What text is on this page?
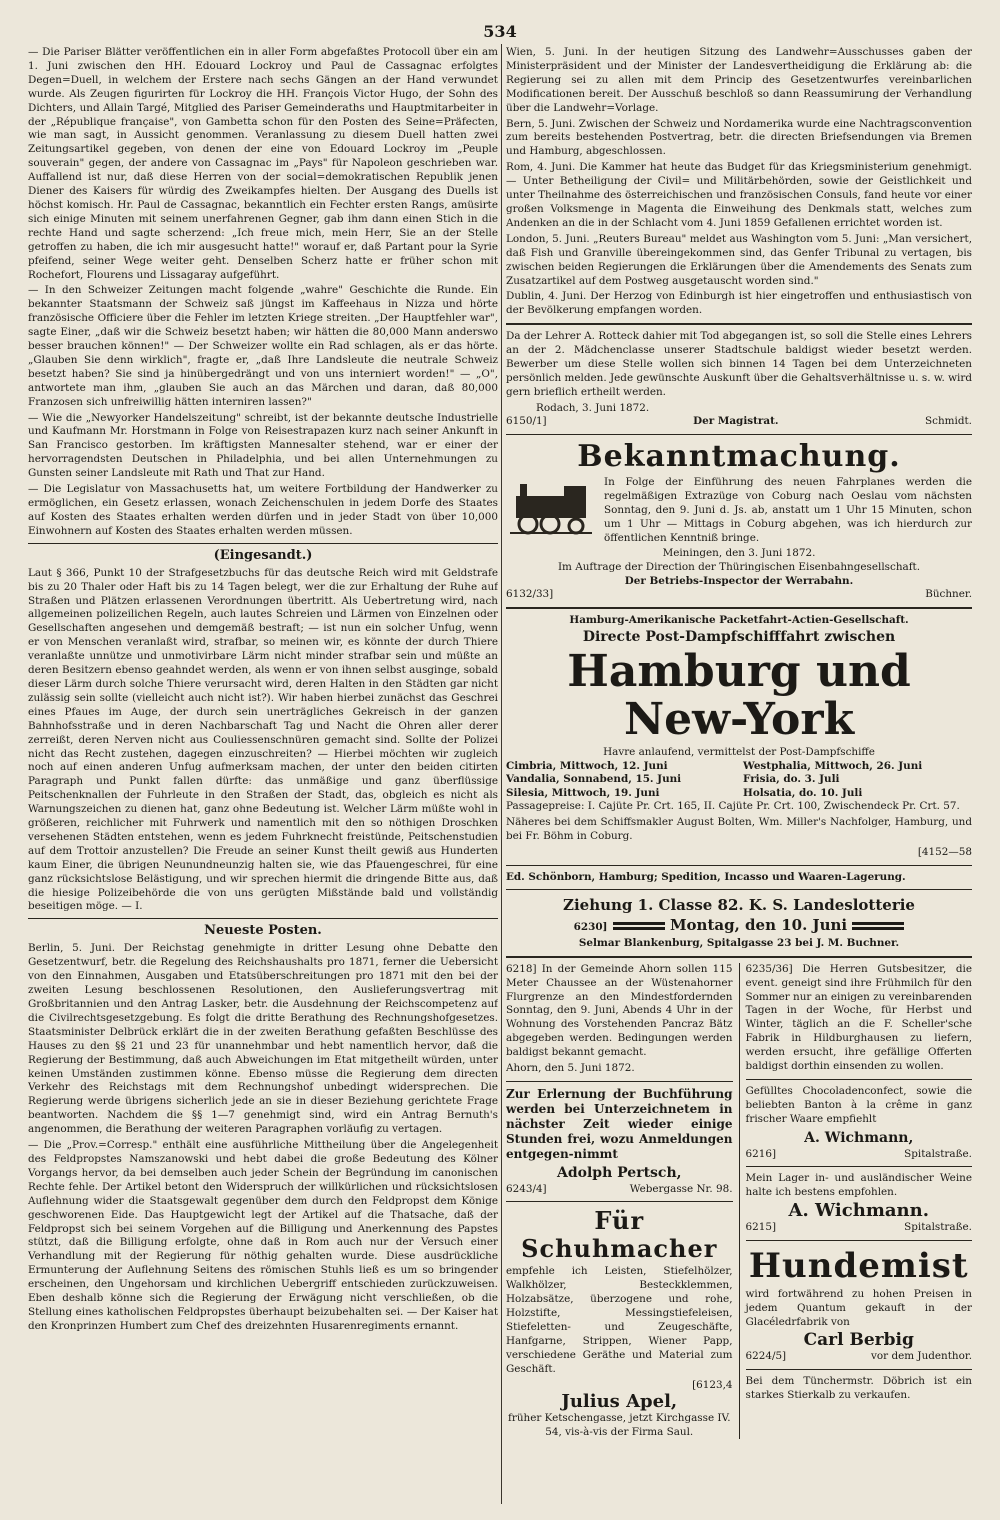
534

— Die Pariser Blätter veröffentlichen ein in aller Form abgefaßtes Protocoll über ein am 1. Juni zwischen den HH. Edouard Lockroy und Paul de Cassagnac erfolgtes Degen=Duell, in welchem der Erstere nach sechs Gängen an der Hand verwundet wurde. Als Zeugen figurirten für Lockroy die HH. François Victor Hugo, der Sohn des Dichters, und Allain Targé, Mitglied des Pariser Gemeinderaths und Hauptmitarbeiter in der „République française", von Gambetta schon für den Posten des Seine=Präfecten, wie man sagt, in Aussicht genommen. Veranlassung zu diesem Duell hatten zwei Zeitungsartikel gegeben, von denen der eine von Edouard Lockroy im „Peuple souverain" gegen, der andere von Cassagnac im „Pays" für Napoleon geschrieben war. Auffallend ist nur, daß diese Herren von der social=demokratischen Republik jenen Diener des Kaisers für würdig des Zweikampfes hielten. Der Ausgang des Duells ist höchst komisch. Hr. Paul de Cassagnac, bekanntlich ein Fechter ersten Rangs, amüsirte sich einige Minuten mit seinem unerfahrenen Gegner, gab ihm dann einen Stich in die rechte Hand und sagte scherzend: „Ich freue mich, mein Herr, Sie an der Stelle getroffen zu haben, die ich mir ausgesucht hatte!" worauf er, daß Partant pour la Syrie pfeifend, seiner Wege weiter geht. Denselben Scherz hatte er früher schon mit Rochefort, Flourens und Lissagaray aufgeführt.

— In den Schweizer Zeitungen macht folgende „wahre" Geschichte die Runde. Ein bekannter Staatsmann der Schweiz saß jüngst im Kaffeehaus in Nizza und hörte französische Officiere über die Fehler im letzten Kriege streiten. „Der Hauptfehler war", sagte Einer, „daß wir die Schweiz besetzt haben; wir hätten die 80,000 Mann anderswo besser brauchen können!" — Der Schweizer wollte ein Rad schlagen, als er das hörte. „Glauben Sie denn wirklich", fragte er, „daß Ihre Landsleute die neutrale Schweiz besetzt haben? Sie sind ja hinübergedrängt und von uns interniert worden!" — „O", antwortete man ihm, „glauben Sie auch an das Märchen und daran, daß 80,000 Franzosen sich unfreiwillig hätten interniren lassen?"

— Wie die „Newyorker Handelszeitung" schreibt, ist der bekannte deutsche Industrielle und Kaufmann Mr. Horstmann in Folge von Reisestrapazen kurz nach seiner Ankunft in San Francisco gestorben. Im kräftigsten Mannesalter stehend, war er einer der hervorragendsten Deutschen in Philadelphia, und bei allen Unternehmungen zu Gunsten seiner Landsleute mit Rath und That zur Hand.

— Die Legislatur von Massachusetts hat, um weitere Fortbildung der Handwerker zu ermöglichen, ein Gesetz erlassen, wonach Zeichenschulen in jedem Dorfe des Staates auf Kosten des Staates erhalten werden dürfen und in jeder Stadt von über 10,000 Einwohnern auf Kosten des Staates erhalten werden müssen.

(Eingesandt.)

Laut § 366, Punkt 10 der Strafgesetzbuchs für das deutsche Reich wird mit Geldstrafe bis zu 20 Thaler oder Haft bis zu 14 Tagen belegt, wer die zur Erhaltung der Ruhe auf Straßen und Plätzen erlassenen Verordnungen übertritt. Als Uebertretung wird, nach allgemeinen polizeilichen Regeln, auch lautes Schreien und Lärmen von Einzelnen oder Gesellschaften angesehen und demgemäß bestraft; — ist nun ein solcher Unfug, wenn er von Menschen veranlaßt wird, strafbar, so meinen wir, es könnte der durch Thiere veranlaßte unnütze und unmotivirbare Lärm nicht minder strafbar sein und müßte an deren Besitzern ebenso geahndet werden, als wenn er von ihnen selbst ausginge, sobald dieser Lärm durch solche Thiere verursacht wird, deren Halten in den Städten gar nicht zulässig sein sollte (vielleicht auch nicht ist?). Wir haben hierbei zunächst das Geschrei eines Pfaues im Auge, der durch sein unerträgliches Gekreisch in der ganzen Bahnhofsstraße und in deren Nachbarschaft Tag und Nacht die Ohren aller derer zerreißt, deren Nerven nicht aus Couliessenschnüren gemacht sind. Sollte der Polizei nicht das Recht zustehen, dagegen einzuschreiten? — Hierbei möchten wir zugleich noch auf einen anderen Unfug aufmerksam machen, der unter den beiden citirten Paragraph und Punkt fallen dürfte: das unmäßige und ganz überflüssige Peitschenknallen der Fuhrleute in den Straßen der Stadt, das, obgleich es nicht als Warnungszeichen zu dienen hat, ganz ohne Bedeutung ist. Welcher Lärm müßte wohl in größeren, reichlicher mit Fuhrwerk und namentlich mit den so nöthigen Droschken versehenen Städten entstehen, wenn es jedem Fuhrknecht freistünde, Peitschenstudien auf dem Trottoir anzustellen? Die Freude an seiner Kunst theilt gewiß aus Hunderten kaum Einer, die übrigen Neunundneunzig halten sie, wie das Pfauengeschrei, für eine ganz rücksichtslose Belästigung, und wir sprechen hiermit die dringende Bitte aus, daß die hiesige Polizeibehörde die von uns gerügten Mißstände bald und vollständig beseitigen möge. — I.

Neueste Posten.

Berlin, 5. Juni. Der Reichstag genehmigte in dritter Lesung ohne Debatte den Gesetzentwurf, betr. die Regelung des Reichshaushalts pro 1871, ferner die Uebersicht von den Einnahmen, Ausgaben und Etatsüberschreitungen pro 1871 mit den bei der zweiten Lesung beschlossenen Resolutionen, den Auslieferungsvertrag mit Großbritannien und den Antrag Lasker, betr. die Ausdehnung der Reichscompetenz auf die Civilrechtsgesetzgebung. Es folgt die dritte Berathung des Rechnungshofgesetzes. Staatsminister Delbrück erklärt die in der zweiten Berathung gefaßten Beschlüsse des Hauses zu den §§ 21 und 23 für unannehmbar und hebt namentlich hervor, daß die Regierung der Bestimmung, daß auch Abweichungen im Etat mitgetheilt würden, unter keinen Umständen zustimmen könne. Ebenso müsse die Regierung dem directen Verkehr des Reichstags mit dem Rechnungshof unbedingt widersprechen. Die Regierung werde übrigens sicherlich jede an sie in dieser Beziehung gerichtete Frage beantworten. Nachdem die §§ 1—7 genehmigt sind, wird ein Antrag Bernuth's angenommen, die Berathung der weiteren Paragraphen vorläufig zu vertagen.

— Die „Prov.=Corresp." enthält eine ausführliche Mittheilung über die Angelegenheit des Feldpropstes Namszanowski und hebt dabei die große Bedeutung des Kölner Vorgangs hervor, da bei demselben auch jeder Schein der Begründung im canonischen Rechte fehle. Der Artikel betont den Widerspruch der willkürlichen und rücksichtslosen Auflehnung wider die Staatsgewalt gegenüber dem durch den Feldpropst dem Könige geschworenen Eide. Das Hauptgewicht legt der Artikel auf die Thatsache, daß der Feldpropst sich bei seinem Vorgehen auf die Billigung und Anerkennung des Papstes stützt, daß die Billigung erfolgte, ohne daß in Rom auch nur der Versuch einer Verhandlung mit der Regierung für nöthig gehalten wurde. Diese ausdrückliche Ermunterung der Auflehnung Seitens des römischen Stuhls ließ es um so bringender erscheinen, den Ungehorsam und kirchlichen Uebergriff entschieden zurückzuweisen. Eben deshalb könne sich die Regierung der Erwägung nicht verschließen, ob die Stellung eines katholischen Feldpropstes überhaupt beizubehalten sei. — Der Kaiser hat den Kronprinzen Humbert zum Chef des dreizehnten Husarenregiments ernannt.

Wien, 5. Juni. In der heutigen Sitzung des Landwehr=Ausschusses gaben der Ministerpräsident und der Minister der Landesvertheidigung die Erklärung ab: die Regierung sei zu allen mit dem Princip des Gesetzentwurfes vereinbarlichen Modificationen bereit. Der Ausschuß beschloß so dann Reassumirung der Verhandlung über die Landwehr=Vorlage.

Bern, 5. Juni. Zwischen der Schweiz und Nordamerika wurde eine Nachtragsconvention zum bereits bestehenden Postvertrag, betr. die directen Briefsendungen via Bremen und Hamburg, abgeschlossen.

Rom, 4. Juni. Die Kammer hat heute das Budget für das Kriegsministerium genehmigt. — Unter Betheiligung der Civil= und Militärbehörden, sowie der Geistlichkeit und unter Theilnahme des österreichischen und französischen Consuls, fand heute vor einer großen Volksmenge in Magenta die Einweihung des Denkmals statt, welches zum Andenken an die in der Schlacht vom 4. Juni 1859 Gefallenen errichtet worden ist.

London, 5. Juni. „Reuters Bureau" meldet aus Washington vom 5. Juni: „Man versichert, daß Fish und Granville übereingekommen sind, das Genfer Tribunal zu vertagen, bis zwischen beiden Regierungen die Erklärungen über die Amendements des Senats zum Zusatzartikel auf dem Postweg ausgetauscht worden sind."

Dublin, 4. Juni. Der Herzog von Edinburgh ist hier eingetroffen und enthusiastisch von der Bevölkerung empfangen worden.

Da der Lehrer A. Rotteck dahier mit Tod abgegangen ist, so soll die Stelle eines Lehrers an der 2. Mädchenclasse unserer Stadtschule baldigst wieder besetzt werden. Bewerber um diese Stelle wollen sich binnen 14 Tagen bei dem Unterzeichneten persönlich melden. Jede gewünschte Auskunft über die Gehaltsverhältnisse u. s. w. wird gern brieflich ertheilt werden.

Rodach, 3. Juni 1872.
6150/1]	Der Magistrat.	Schmidt.
Bekanntmachung.

In Folge der Einführung des neuen Fahrplanes werden die regelmäßigen Extrazüge von Coburg nach Oeslau vom nächsten Sonntag, den 9. Juni d. Js. ab, anstatt um 1 Uhr 15 Minuten, schon um 1 Uhr — Mittags in Coburg abgehen, was ich hierdurch zur öffentlichen Kenntniß bringe.

Meiningen, den 3. Juni 1872.
Im Auftrage der Direction der Thüringischen Eisenbahngesellschaft.
Der Betriebs-Inspector der Werrabahn.
6132/33]	Büchner.
Hamburg-Amerikanische Packetfahrt-Actien-Gesellschaft.
Directe Post-Dampfschifffahrt zwischen
Hamburg und New-York
Havre anlaufend, vermittelst der Post-Dampfschiffe
Cimbria, Mittwoch, 12. Juni	Westphalia, Mittwoch, 26. Juni
Vandalia, Sonnabend, 15. Juni	Frisia, do. 3. Juli
Silesia, Mittwoch, 19. Juni	Holsatia, do. 10. Juli

Passagepreise: I. Cajüte Pr. Crt. 165, II. Cajüte Pr. Crt. 100, Zwischendeck Pr. Crt. 57.

Näheres bei dem Schiffsmakler August Bolten, Wm. Miller's Nachfolger, Hamburg, und bei Fr. Böhm in Coburg.

[4152—58
Ed. Schönborn, Hamburg; Spedition, Incasso und Waaren-Lagerung.
Ziehung 1. Classe 82. K. S. Landeslotterie
6230]	Montag, den 10. Juni
Selmar Blankenburg, Spitalgasse 23 bei J. M. Buchner.

6218] In der Gemeinde Ahorn sollen 115 Meter Chaussee an der Wüstenahorner Flurgrenze an den Mindestfordernden Sonntag, den 9. Juni, Abends 4 Uhr in der Wohnung des Vorstehenden Pancraz Bätz abgegeben werden. Bedingungen werden baldigst bekannt gemacht.

Ahorn, den 5. Juni 1872.

Zur Erlernung der Buchführung werden bei Unterzeichnetem in nächster Zeit wieder einige Stunden frei, wozu Anmeldungen entgegen-nimmt

Adolph Pertsch,
6243/4]	Webergasse Nr. 98.
Für Schuhmacher

empfehle ich Leisten, Stiefelhölzer, Walkhölzer, Besteckklemmen, Holzabsätze, überzogene und rohe, Holzstifte, Messingstiefeleisen, Stiefeletten- und Zeugeschäfte, Hanfgarne, Strippen, Wiener Papp, verschiedene Geräthe und Material zum Geschäft.

[6123,4
Julius Apel,
früher Ketschengasse, jetzt Kirchgasse IV. 54, vis-à-vis der Firma Saul.

6235/36] Die Herren Gutsbesitzer, die event. geneigt sind ihre Frühmilch für den Sommer nur an einigen zu vereinbarenden Tagen in der Woche, für Herbst und Winter, täglich an die F. Scheller'sche Fabrik in Hildburghausen zu liefern, werden ersucht, ihre gefällige Offerten baldigst dorthin einsenden zu wollen.

Gefülltes Chocoladenconfect, sowie die beliebten Banton à la crême in ganz frischer Waare empfiehlt

A. Wichmann,
6216]	Spitalstraße.

Mein Lager in- und ausländischer Weine halte ich bestens empfohlen.

A. Wichmann.
6215]	Spitalstraße.
Hundemist

wird fortwährend zu hohen Preisen in jedem Quantum gekauft in der Glacéledrfabrik von

Carl Berbig
6224/5]	vor dem Judenthor.

Bei dem Tünchermstr. Döbrich ist ein starkes Stierkalb zu verkaufen.
